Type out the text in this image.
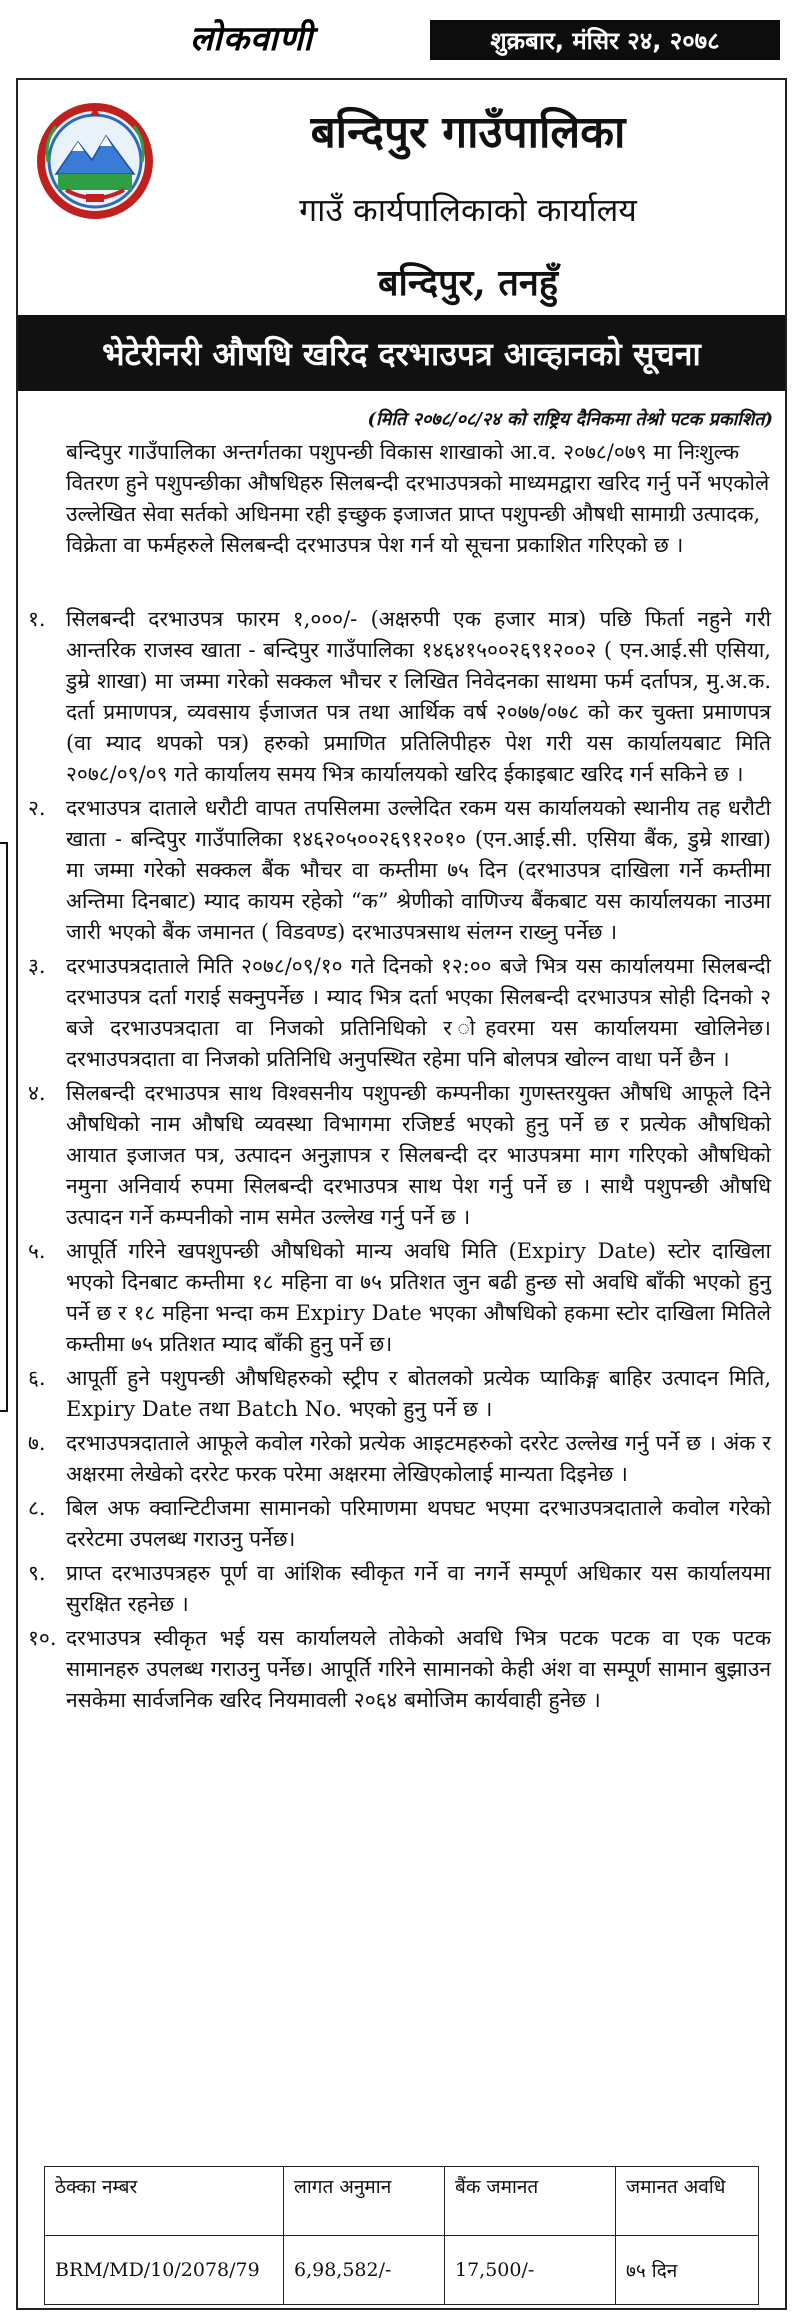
लोकवाणी	शुक्रबार, मंसिर २४, २०७८
बन्दिपुर गाउँपालिका
गाउँ कार्यपालिकाको कार्यालय
बन्दिपुर, तनहुँ
भेटेरीनरी औषधि खरिद दरभाउपत्र आव्हानको सूचना
(मिति २०७८/०८/२४ को राष्ट्रिय दैनिकमा तेश्रो पटक प्रकाशित)
बन्दिपुर गाउँपालिका अन्तर्गतका पशुपन्छी विकास शाखाको आ.व. २०७८/०७९ मा निःशुल्क वितरण हुने पशुपन्छीका औषधिहरु सिलबन्दी दरभाउपत्रको माध्यमद्वारा खरिद गर्नु पर्ने भएकोले उल्लेखित सेवा सर्तको अधिनमा रही इच्छुक इजाजत प्राप्त पशुपन्छी औषधी सामाग्री उत्पादक, विक्रेता वा फर्महरुले सिलबन्दी दरभाउपत्र पेश गर्न यो सूचना प्रकाशित गरिएको छ ।
१. सिलबन्दी दरभाउपत्र फारम १,०००/- (अक्षरुपी एक हजार मात्र) पछि फिर्ता नहुने गरी आन्तरिक राजस्व खाता - बन्दिपुर गाउँपालिका १४६४१५००२६९१२००२ ( एन.आई.सी एसिया, डुम्रे शाखा) मा जम्मा गरेको सक्कल भौचर र लिखित निवेदनका साथमा फर्म दर्तापत्र, मु.अ.क. दर्ता प्रमाणपत्र, व्यवसाय ईजाजत पत्र तथा आर्थिक वर्ष २०७७/०७८ को कर चुक्ता प्रमाणपत्र (वा म्याद थपको पत्र) हरुको प्रमाणित प्रतिलिपीहरु पेश गरी यस कार्यालयबाट मिति २०७८/०९/०९ गते कार्यालय समय भित्र कार्यालयको खरिद ईकाइबाट खरिद गर्न सकिने छ ।
२. दरभाउपत्र दाताले धरौटी वापत तपसिलमा उल्लेदित रकम यस कार्यालयको स्थानीय तह धरौटी खाता - बन्दिपुर गाउँपालिका १४६२०५००२६९१२०१० (एन.आई.सी. एसिया बैंक, डुम्रे शाखा) मा जम्मा गरेको सक्कल बैंक भौचर वा कम्तीमा ७५ दिन (दरभाउपत्र दाखिला गर्ने कम्तीमा अन्तिमा दिनबाट) म्याद कायम रहेको “क” श्रेणीको वाणिज्य बैंकबाट यस कार्यालयका नाउमा जारी भएको बैंक जमानत ( विडवण्ड) दरभाउपत्रसाथ संलग्न राख्नु पर्नेछ ।
३. दरभाउपत्रदाताले मिति २०७८/०९/१० गते दिनको १२:०० बजे भित्र यस कार्यालयमा सिलबन्दी दरभाउपत्र दर्ता गराई सक्नुपर्नेछ । म्याद भित्र दर्ता भएका सिलबन्दी दरभाउपत्र सोही दिनको २ बजे दरभाउपत्रदाता वा निजको प्रतिनिधिको र ोहवरमा यस कार्यालयमा खोलिनेछ। दरभाउपत्रदाता वा निजको प्रतिनिधि अनुपस्थित रहेमा पनि बोलपत्र खोल्न वाधा पर्ने छैन ।
४. सिलबन्दी दरभाउपत्र साथ विश्वसनीय पशुपन्छी कम्पनीका गुणस्तरयुक्त औषधि आफूले दिने औषधिको नाम औषधि व्यवस्था विभागमा रजिष्टर्ड भएको हुनु पर्ने छ र प्रत्येक औषधिको आयात इजाजत पत्र, उत्पादन अनुज्ञापत्र र सिलबन्दी दर भाउपत्रमा माग गरिएको औषधिको नमुना अनिवार्य रुपमा सिलबन्दी दरभाउपत्र साथ पेश गर्नु पर्ने छ । साथै पशुपन्छी औषधि उत्पादन गर्ने कम्पनीको नाम समेत उल्लेख गर्नु पर्ने छ ।
५. आपूर्ति गरिने खपशुपन्छी औषधिको मान्य अवधि मिति (Expiry Date) स्टोर दाखिला भएको दिनबाट कम्तीमा १८ महिना वा ७५ प्रतिशत जुन बढी हुन्छ सो अवधि बाँकी भएको हुनु पर्ने छ र १८ महिना भन्दा कम Expiry Date भएका औषधिको हकमा स्टोर दाखिला मितिले कम्तीमा ७५ प्रतिशत म्याद बाँकी हुनु पर्ने छ।
६. आपूर्ती हुने पशुपन्छी औषधिहरुको स्ट्रीप र बोतलको प्रत्येक प्याकिङ्ग बाहिर उत्पादन मिति, Expiry Date तथा Batch No. भएको हुनु पर्ने छ ।
७. दरभाउपत्रदाताले आफूले कवोल गरेको प्रत्येक आइटमहरुको दररेट उल्लेख गर्नु पर्ने छ । अंक र अक्षरमा लेखेको दररेट फरक परेमा अक्षरमा लेखिएकोलाई मान्यता दिइनेछ ।
८. बिल अफ क्वान्टिटीजमा सामानको परिमाणमा थपघट भएमा दरभाउपत्रदाताले कवोल गरेको दररेटमा उपलब्ध गराउनु पर्नेछ।
९. प्राप्त दरभाउपत्रहरु पूर्ण वा आंशिक स्वीकृत गर्ने वा नगर्ने सम्पूर्ण अधिकार यस कार्यालयमा सुरक्षित रहनेछ ।
१०. दरभाउपत्र स्वीकृत भई यस कार्यालयले तोकेको अवधि भित्र पटक पटक वा एक पटक सामानहरु उपलब्ध गराउनु पर्नेछ। आपूर्ति गरिने सामानको केही अंश वा सम्पूर्ण सामान बुझाउन नसकेमा सार्वजनिक खरिद नियमावली २०६४ बमोजिम कार्यवाही हुनेछ ।
ठेक्का नम्बर	लागत अनुमान	बैंक जमानत	जमानत अवधि
BRM/MD/10/2078/79	6,98,582/-	17,500/-	७५ दिन
